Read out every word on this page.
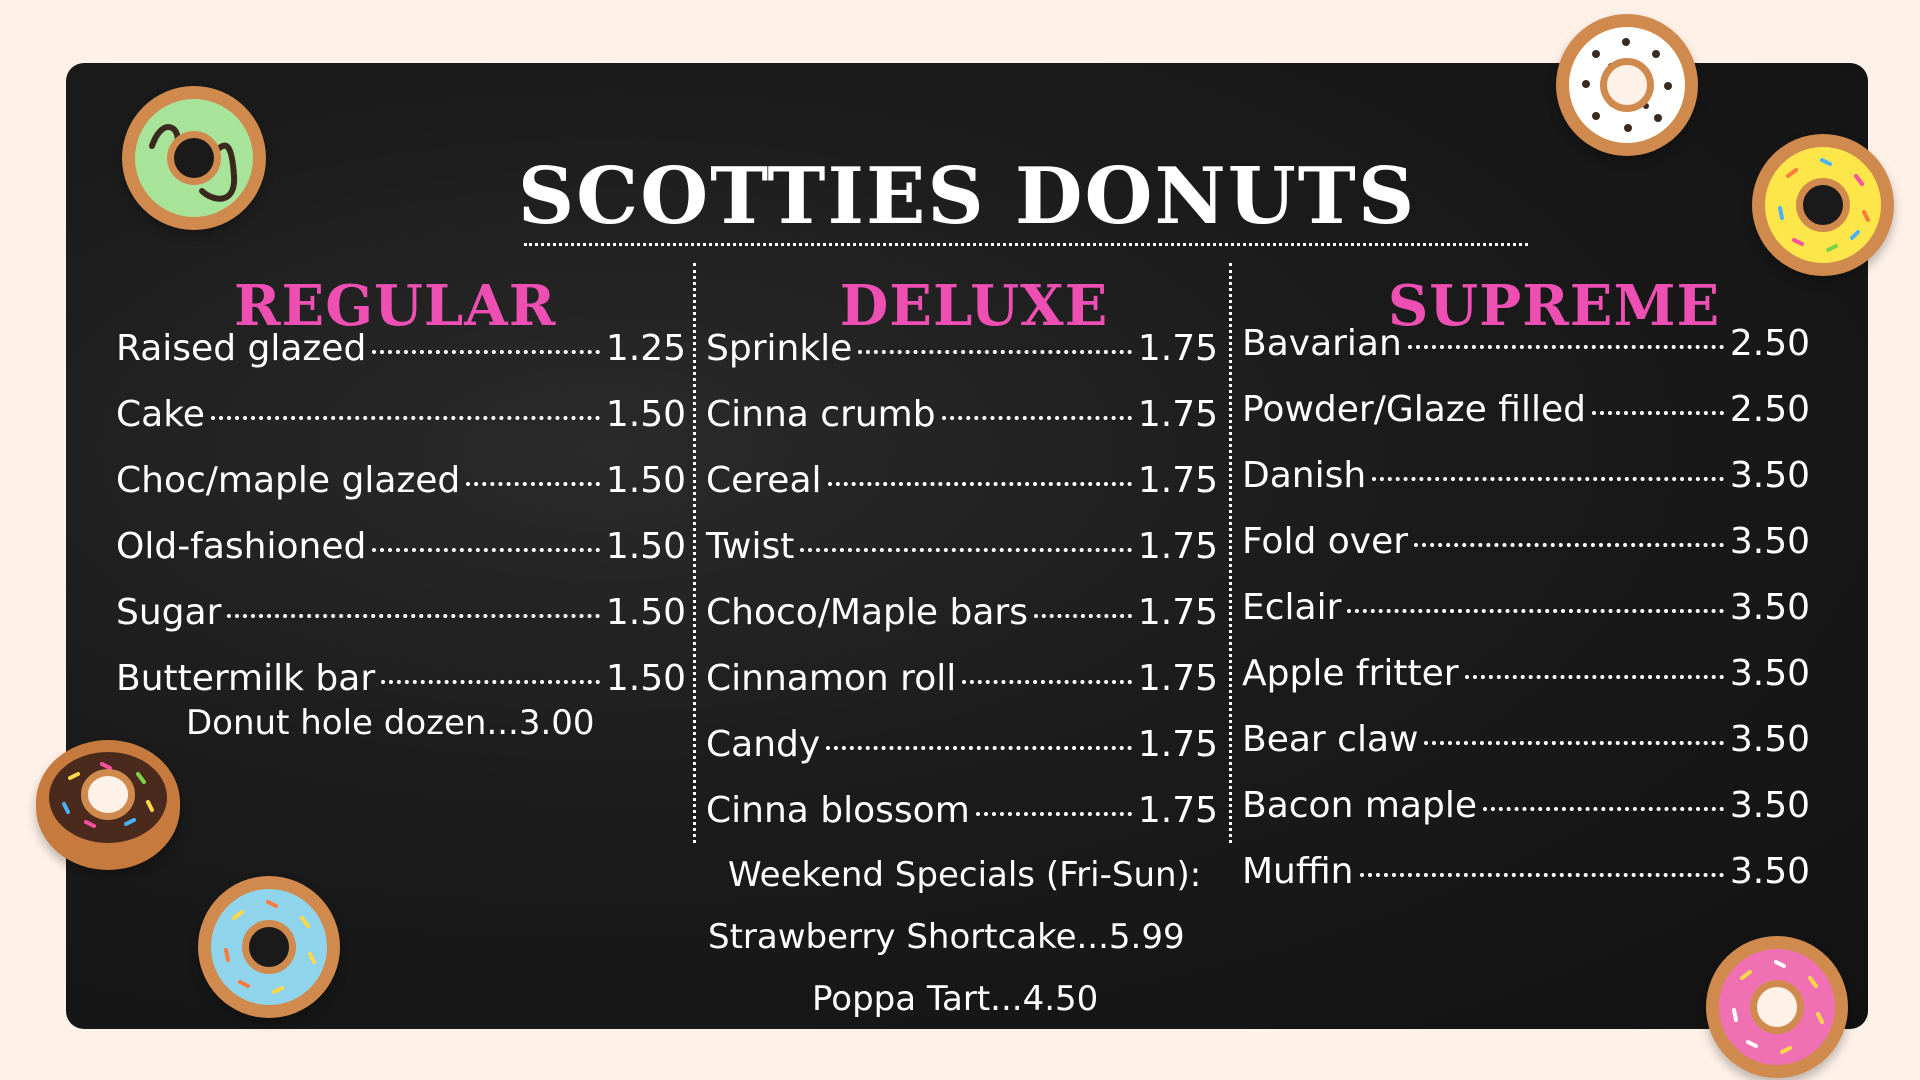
SCOTTIES DONUTS
REGULAR	DELUXE	SUPREME
Raised glazed	1.25
Cake	1.50
Choc/maple glazed	1.50
Old-fashioned	1.50
Sugar	1.50
Buttermilk bar	1.50
Donut hole dozen...3.00
Sprinkle	1.75
Cinna crumb	1.75
Cereal	1.75
Twist	1.75
Choco/Maple bars	1.75
Cinnamon roll	1.75
Candy	1.75
Cinna blossom	1.75
Bavarian	2.50
Powder/Glaze filled	2.50
Danish	3.50
Fold over	3.50
Eclair	3.50
Apple fritter	3.50
Bear claw	3.50
Bacon maple	3.50
Muffin	3.50
Weekend Specials (Fri-Sun):
Strawberry Shortcake...5.99
Poppa Tart...4.50
